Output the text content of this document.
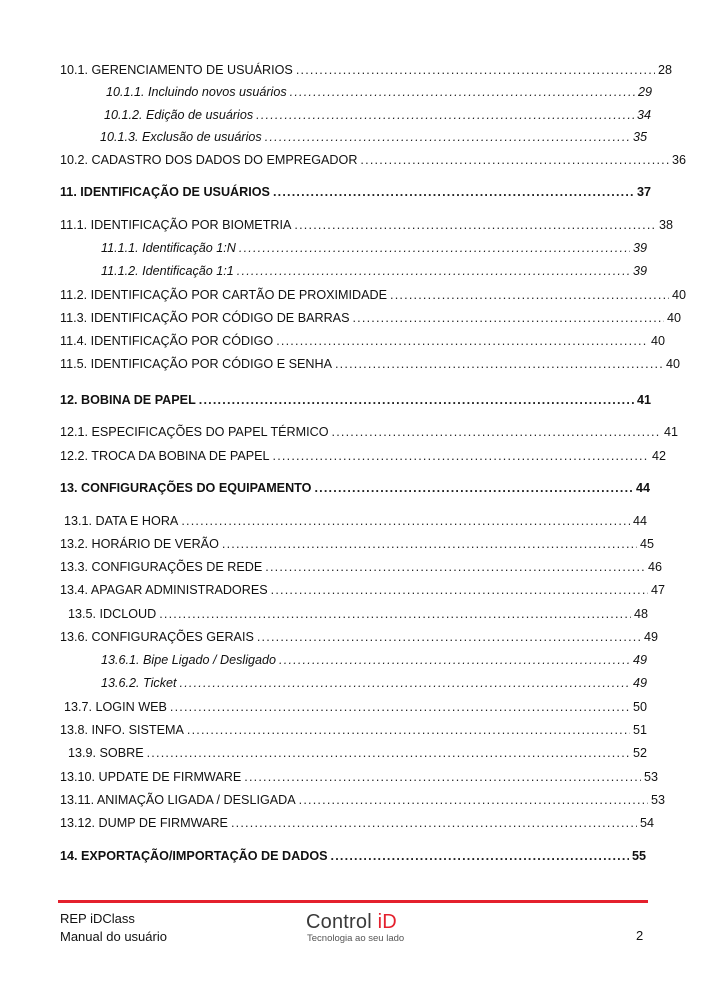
10.1. GERENCIAMENTO DE USUÁRIOS .....	28
10.1.1. Incluindo novos usuários .....	29
10.1.2. Edição de usuários .....	34
10.1.3. Exclusão de usuários .....	35
10.2. CADASTRO DOS DADOS DO EMPREGADOR .....	36
11. IDENTIFICAÇÃO DE USUÁRIOS .....	37
11.1. IDENTIFICAÇÃO POR BIOMETRIA .....	38
11.1.1. Identificação 1:N .....	39
11.1.2. Identificação 1:1 .....	39
11.2. IDENTIFICAÇÃO POR CARTÃO DE PROXIMIDADE .....	40
11.3. IDENTIFICAÇÃO POR CÓDIGO DE BARRAS .....	40
11.4. IDENTIFICAÇÃO POR CÓDIGO .....	40
11.5. IDENTIFICAÇÃO POR CÓDIGO E SENHA .....	40
12. BOBINA DE PAPEL .....	41
12.1. ESPECIFICAÇÕES DO PAPEL TÉRMICO .....	41
12.2. TROCA DA BOBINA DE PAPEL .....	42
13. CONFIGURAÇÕES DO EQUIPAMENTO .....	44
13.1. DATA E HORA .....	44
13.2. HORÁRIO DE VERÃO .....	45
13.3. CONFIGURAÇÕES DE REDE .....	46
13.4. APAGAR ADMINISTRADORES .....	47
13.5. IDCLOUD .....	48
13.6. CONFIGURAÇÕES GERAIS .....	49
13.6.1. Bipe Ligado / Desligado .....	49
13.6.2. Ticket .....	49
13.7. LOGIN WEB .....	50
13.8. INFO. SISTEMA .....	51
13.9. SOBRE .....	52
13.10. UPDATE DE FIRMWARE .....	53
13.11. ANIMAÇÃO LIGADA / DESLIGADA .....	53
13.12. DUMP DE FIRMWARE .....	54
14. EXPORTAÇÃO/IMPORTAÇÃO DE DADOS .....	55
REP iDClass
Manual do usuário
Control iD
Tecnologia ao seu lado	2
